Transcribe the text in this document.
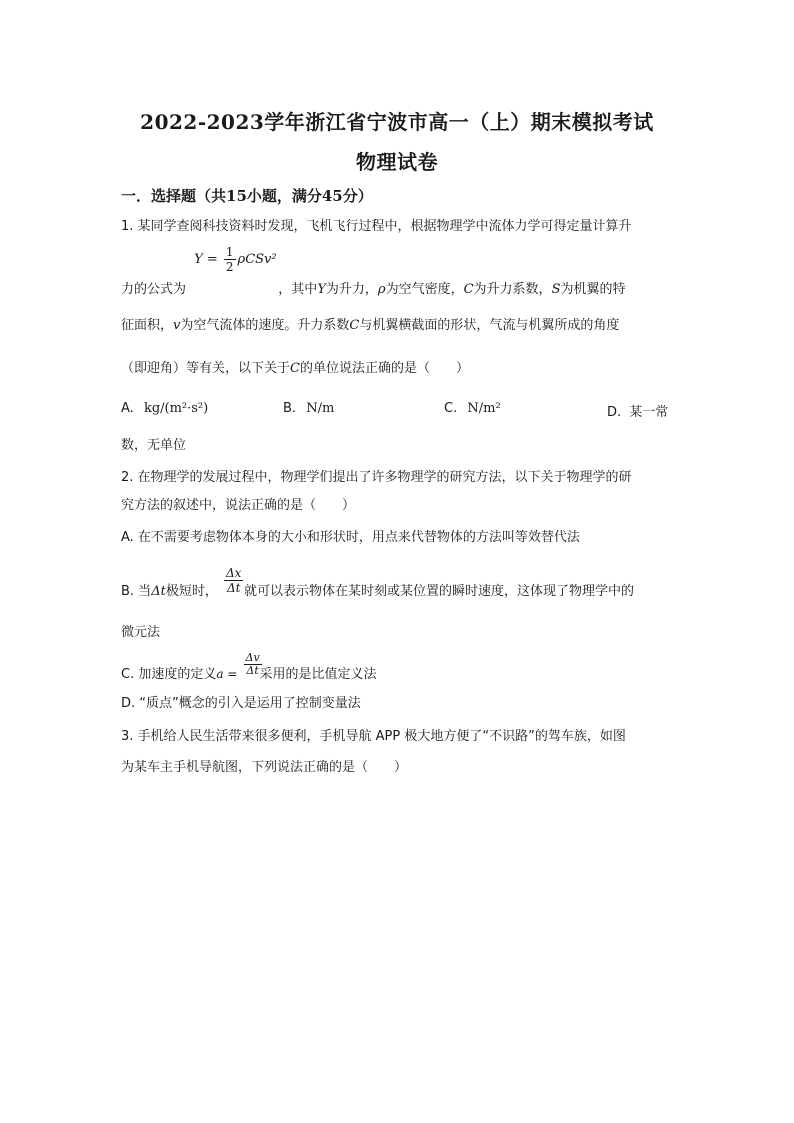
2022-2023学年浙江省宁波市高一（上）期末模拟考试
物理试卷
一．选择题（共15小题，满分45分）
1. 某同学查阅科技资料时发现，飞机飞行过程中，根据物理学中流体力学可得定量计算升
力的公式为
$Y = \frac{1}{2} \rho CSv^2$
，其中Y为升力，ρ为空气密度，C为升力系数，S为机翼的特
征面积，v为空气流体的速度。升力系数C与机翼横截面的形状，气流与机翼所成的角度
（即迎角）等有关，以下关于C的单位说法正确的是（　　）
A. kg/(m²·s²)	B. N/m	C. N/m²	D. 某一常
数，无单位
2. 在物理学的发展过程中，物理学们提出了许多物理学的研究方法，以下关于物理学的研
究方法的叙述中，说法正确的是（　　）
A. 在不需要考虑物体本身的大小和形状时，用点来代替物体的方法叫等效替代法
B. 当Δt极短时， $\frac{\Delta x}{\Delta t}$ 就可以表示物体在某时刻或某位置的瞬时速度，这体现了物理学中的
微元法
C. 加速度的定义$a = \frac{\Delta v}{\Delta t}$
采用的是比值定义法
D. “质点”概念的引入是运用了控制变量法
3. 手机给人民生活带来很多便利，手机导航 APP 极大地方便了“不识路”的驾车族，如图
为某车主手机导航图，下列说法正确的是（　　）
